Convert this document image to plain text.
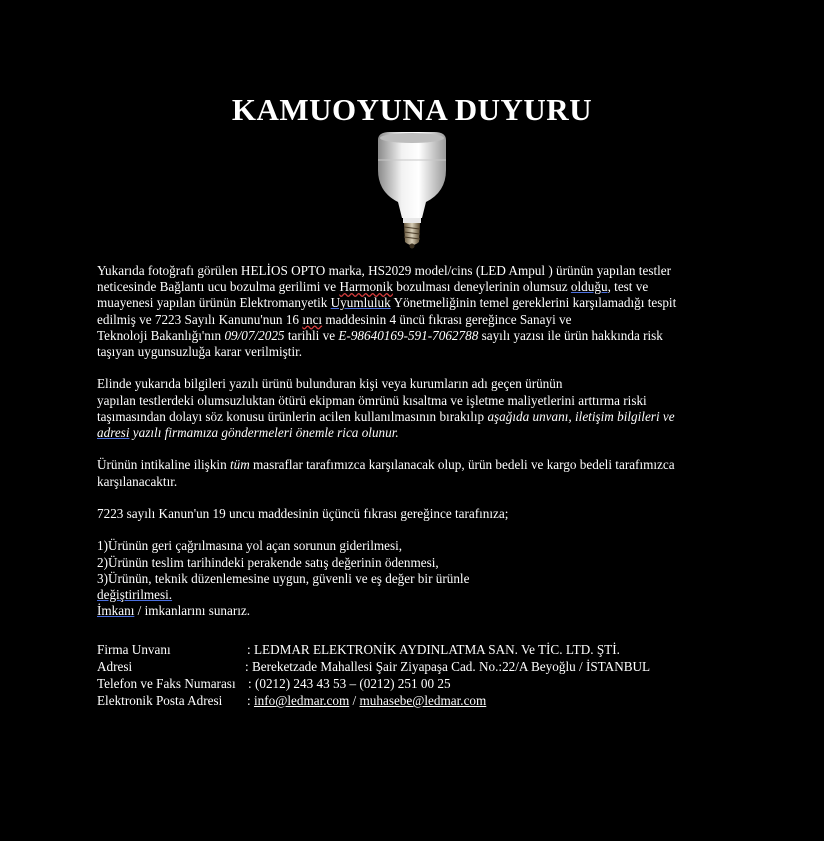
KAMUOYUNA DUYURU
Yukarıda fotoğrafı görülen HELİOS OPTO marka, HS2029 model/cins (LED Ampul ) ürünün yapılan testler
neticesinde Bağlantı ucu bozulma gerilimi ve Harmonik bozulması deneylerinin olumsuz olduğu, test ve
muayenesi yapılan ürünün Elektromanyetik Uyumluluk Yönetmeliğinin temel gereklerini karşılamadığı tespit
edilmiş ve 7223 Sayılı Kanunu'nun 16 ıncı maddesinin 4 üncü fıkrası gereğince Sanayi ve
Teknoloji Bakanlığı'nın 09/07/2025 tarihli ve E-98640169-591-7062788 sayılı yazısı ile ürün hakkında risk
taşıyan uygunsuzluğa karar verilmiştir.
Elinde yukarıda bilgileri yazılı ürünü bulunduran kişi veya kurumların adı geçen ürünün
yapılan testlerdeki olumsuzluktan ötürü ekipman ömrünü kısaltma ve işletme maliyetlerini arttırma riski
taşımasından dolayı söz konusu ürünlerin acilen kullanılmasının bırakılıp aşağıda unvanı, iletişim bilgileri ve
adresi yazılı firmamıza göndermeleri önemle rica olunur.
Ürünün intikaline ilişkin tüm masraflar tarafımızca karşılanacak olup, ürün bedeli ve kargo bedeli tarafımızca
karşılanacaktır.
7223 sayılı Kanun'un 19 uncu maddesinin üçüncü fıkrası gereğince tarafınıza;
1)Ürünün geri çağrılmasına yol açan sorunun giderilmesi,
2)Ürünün teslim tarihindeki perakende satış değerinin ödenmesi,
3)Ürünün, teknik düzenlemesine uygun, güvenli ve eş değer bir ürünle
değiştirilmesi.
İmkanı / imkanlarını sunarız.
Firma Unvanı	: LEDMAR ELEKTRONİK AYDINLATMA SAN. Ve TİC. LTD. ŞTİ.
Adresi	: Bereketzade Mahallesi Şair Ziyapaşa Cad. No.:22/A Beyoğlu / İSTANBUL
Telefon ve Faks Numarası : (0212) 243 43 53 – (0212) 251 00 25
Elektronik Posta Adresi : info@ledmar.com / muhasebe@ledmar.com
